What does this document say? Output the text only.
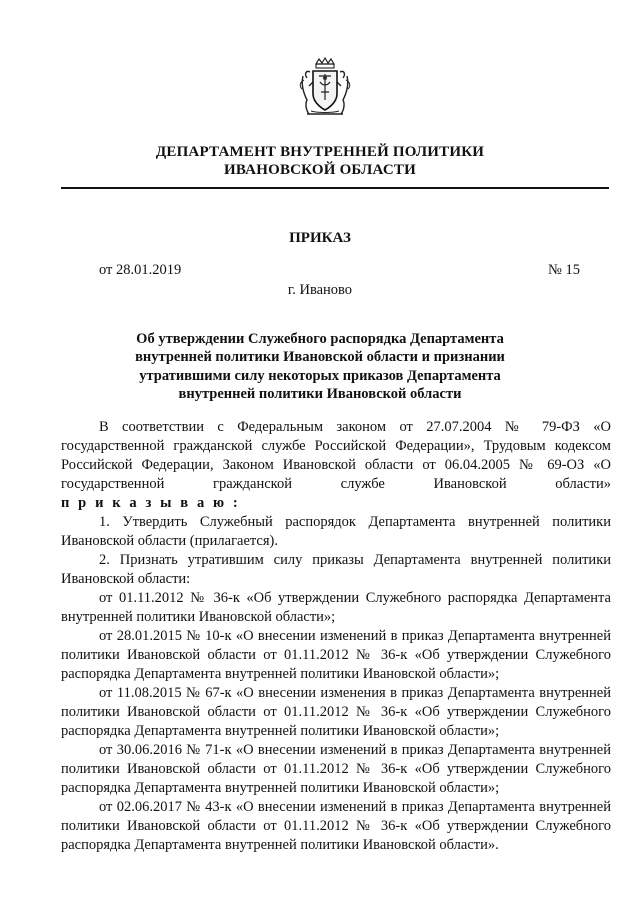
ДЕПАРТАМЕНТ ВНУТРЕННЕЙ ПОЛИТИКИ
ИВАНОВСКОЙ ОБЛАСТИ
ПРИКАЗ
от 28.01.2019	№ 15
г. Иваново
Об утверждении Служебного распорядка Департамента
внутренней политики Ивановской области и признании
утратившими силу некоторых приказов Департамента
внутренней политики Ивановской области

В соответствии с Федеральным законом от 27.07.2004 № 79-ФЗ «О государственной гражданской службе Российской Федерации», Трудовым кодексом Российской Федерации, Законом Ивановской области от 06.04.2005 № 69-ОЗ «О государственной гражданской службе Ивановской области»

п р и к а з ы в а ю :

1. Утвердить Служебный распорядок Департамента внутренней политики Ивановской области (прилагается).

2. Признать утратившим силу приказы Департамента внутренней политики Ивановской области:

от 01.11.2012 № 36-к «Об утверждении Служебного распорядка Департамента внутренней политики Ивановской области»;

от 28.01.2015 № 10-к «О внесении изменений в приказ Департамента внутренней политики Ивановской области от 01.11.2012 № 36-к «Об утверждении Служебного распорядка Департамента внутренней политики Ивановской области»;

от 11.08.2015 № 67-к «О внесении изменения в приказ Департамента внутренней политики Ивановской области от 01.11.2012 № 36-к «Об утверждении Служебного распорядка Департамента внутренней политики Ивановской области»;

от 30.06.2016 № 71-к «О внесении изменений в приказ Департамента внутренней политики Ивановской области от 01.11.2012 № 36-к «Об утверждении Служебного распорядка Департамента внутренней политики Ивановской области»;

от 02.06.2017 № 43-к «О внесении изменений в приказ Департамента внутренней политики Ивановской области от 01.11.2012 № 36-к «Об утверждении Служебного распорядка Департамента внутренней политики Ивановской области».
